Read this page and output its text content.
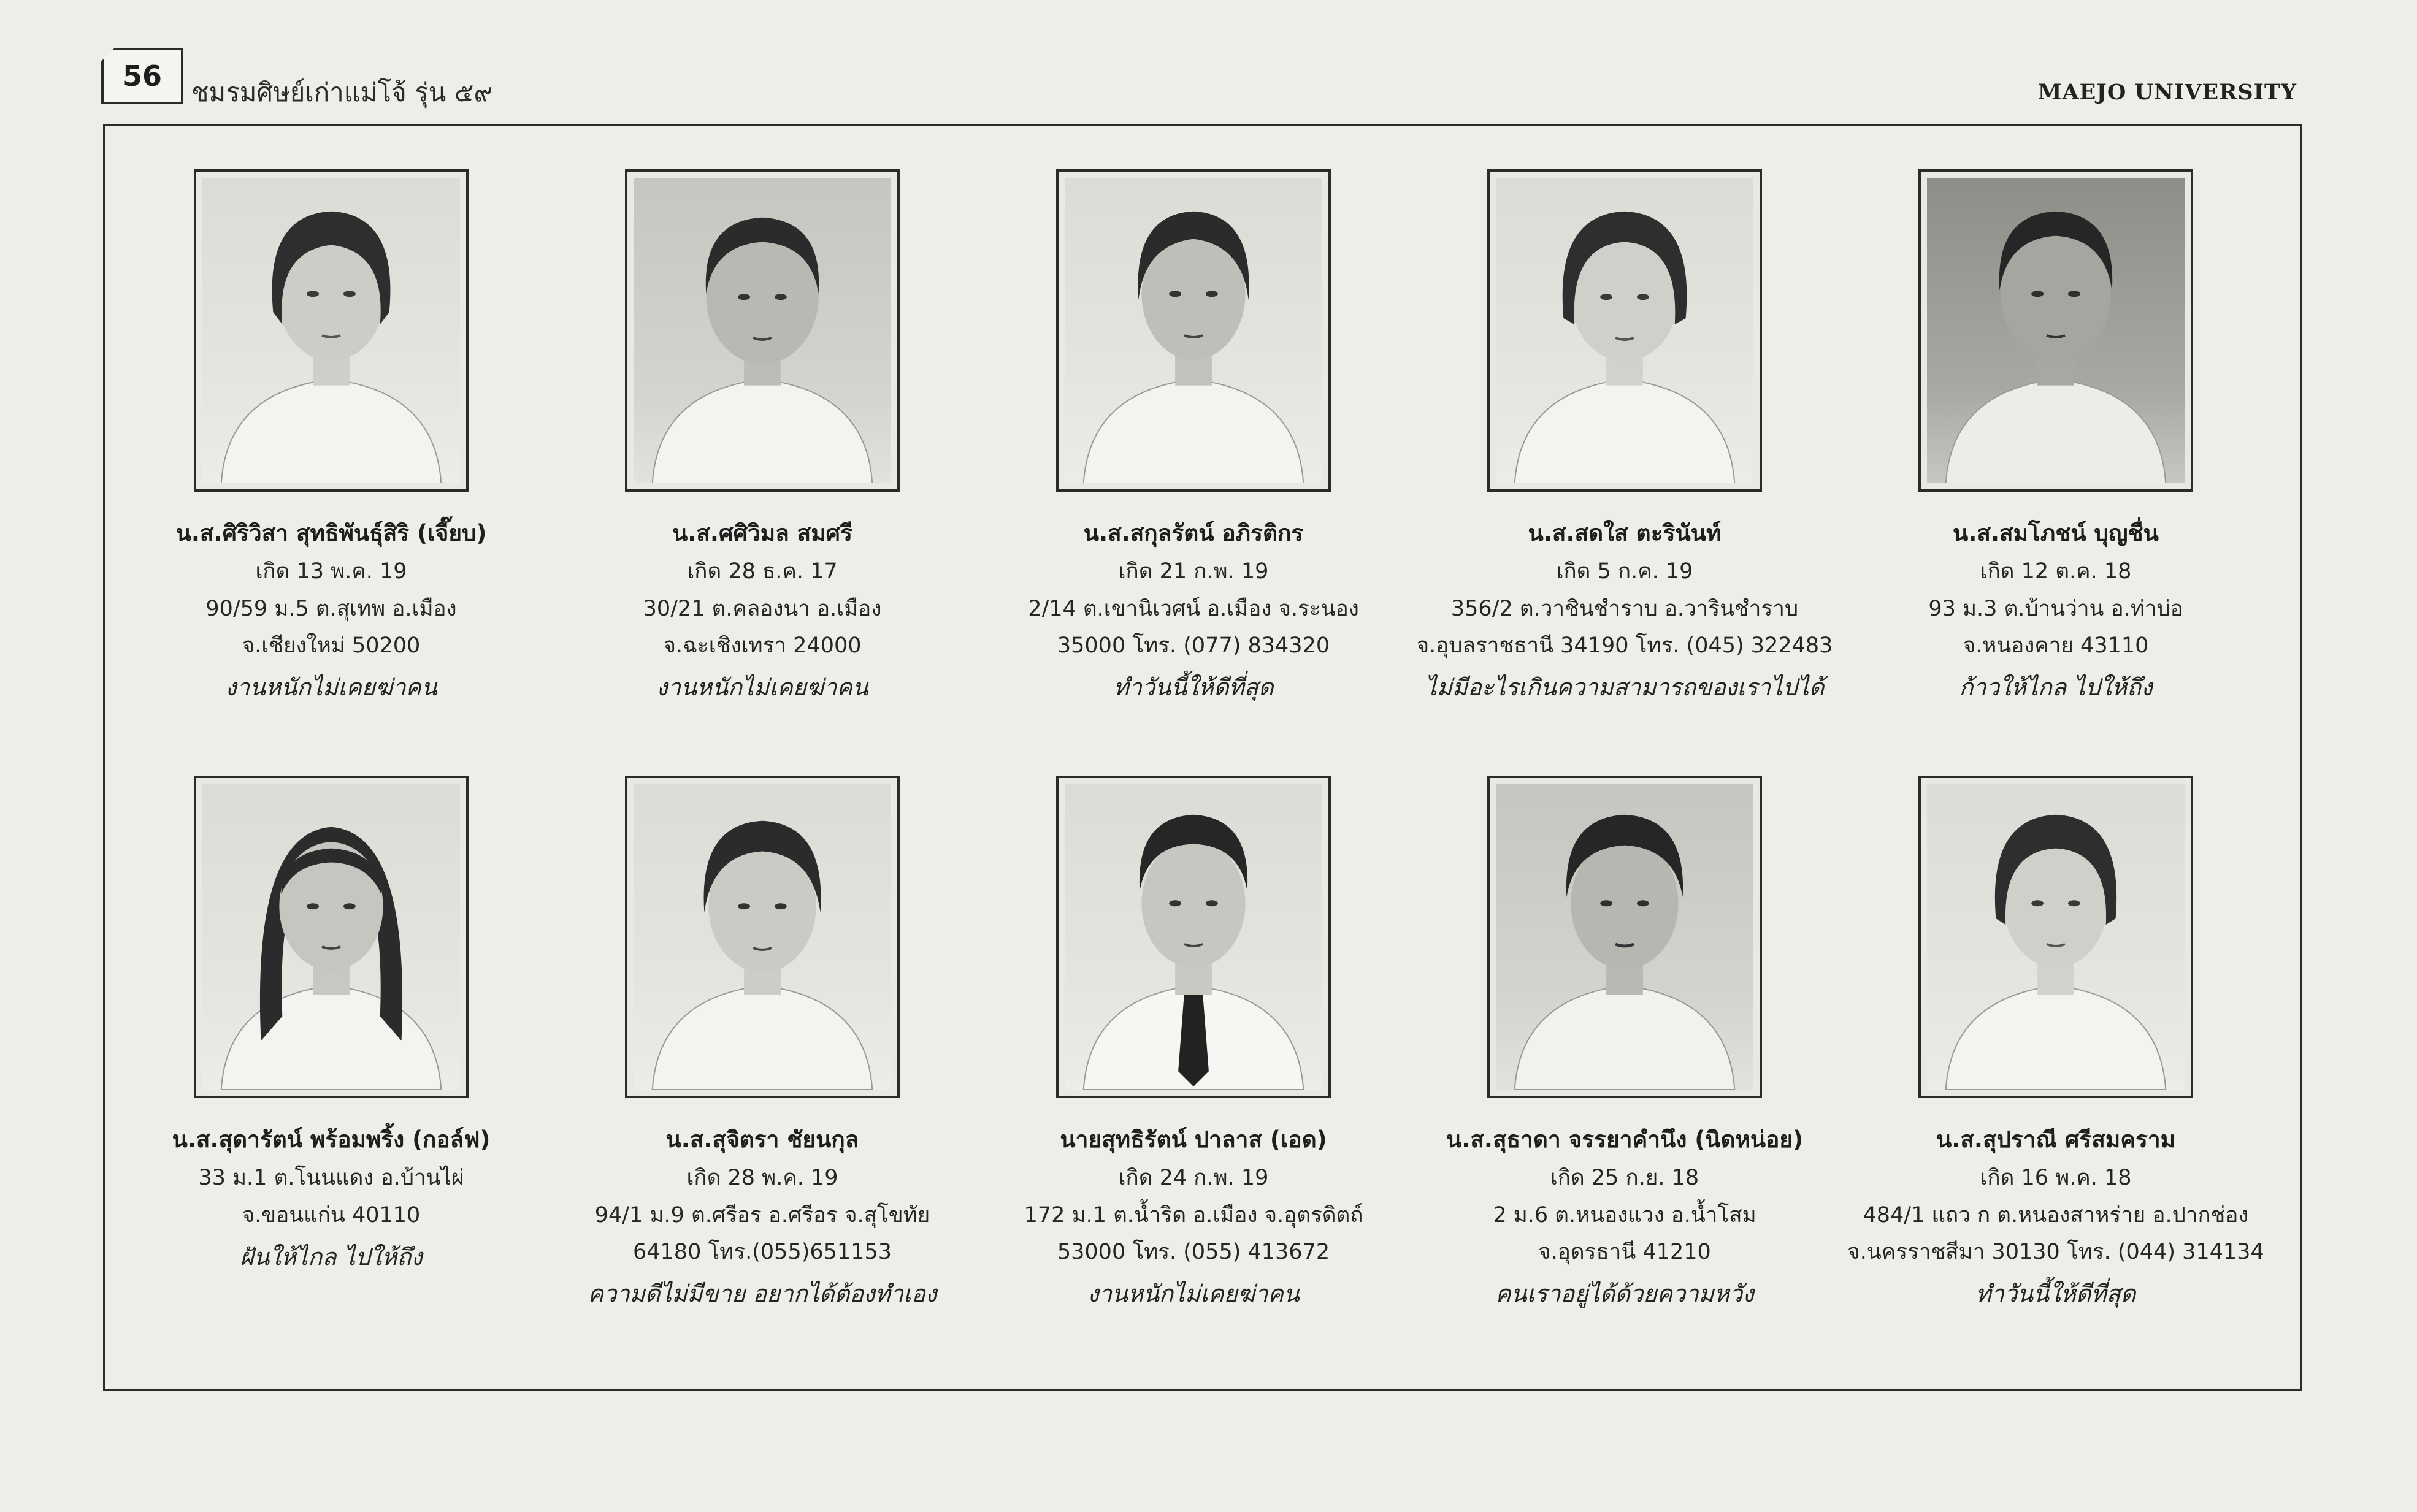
56 ชมรมศิษย์เก่าแม่โจ้ รุ่น ๕๙	MAEJO UNIVERSITY
น.ส.ศิริวิสา สุทธิพันธุ์สิริ (เจี๊ยบ)
เกิด 13 พ.ค. 19
90/59 ม.5 ต.สุเทพ อ.เมือง
จ.เชียงใหม่ 50200
งานหนักไม่เคยฆ่าคน
น.ส.ศศิวิมล สมศรี
เกิด 28 ธ.ค. 17
30/21 ต.คลองนา อ.เมือง
จ.ฉะเชิงเทรา 24000
งานหนักไม่เคยฆ่าคน
น.ส.สกุลรัตน์ อภิรติกร
เกิด 21 ก.พ. 19
2/14 ต.เขานิเวศน์ อ.เมือง จ.ระนอง
35000 โทร. (077) 834320
ทำวันนี้ให้ดีที่สุด
น.ส.สดใส ตะรินันท์
เกิด 5 ก.ค. 19
356/2 ต.วาชินชำราบ อ.วารินชำราบ
จ.อุบลราชธานี 34190 โทร. (045) 322483
ไม่มีอะไรเกินความสามารถของเราไปได้
น.ส.สมโภชน์ บุญชื่น
เกิด 12 ต.ค. 18
93 ม.3 ต.บ้านว่าน อ.ท่าบ่อ
จ.หนองคาย 43110
ก้าวให้ไกล ไปให้ถึง
น.ส.สุดารัตน์ พร้อมพริ้ง (กอล์ฟ)
33 ม.1 ต.โนนแดง อ.บ้านไผ่
จ.ขอนแก่น 40110
ฝันให้ไกล ไปให้ถึง
น.ส.สุจิตรา ชัยนกุล
เกิด 28 พ.ค. 19
94/1 ม.9 ต.ศรีอร อ.ศรีอร จ.สุโขทัย
64180 โทร.(055)651153
ความดีไม่มีขาย อยากได้ต้องทำเอง
นายสุทธิรัตน์ ปาลาส (เอด)
เกิด 24 ก.พ. 19
172 ม.1 ต.น้ำริด อ.เมือง จ.อุตรดิตถ์
53000 โทร. (055) 413672
งานหนักไม่เคยฆ่าคน
น.ส.สุธาดา จรรยาคำนึง (นิดหน่อย)
เกิด 25 ก.ย. 18
2 ม.6 ต.หนองแวง อ.น้ำโสม
จ.อุดรธานี 41210
คนเราอยู่ได้ด้วยความหวัง
น.ส.สุปราณี ศรีสมคราม
เกิด 16 พ.ค. 18
484/1 แถว ก ต.หนองสาหร่าย อ.ปากช่อง
จ.นครราชสีมา 30130 โทร. (044) 314134
ทำวันนี้ให้ดีที่สุด
